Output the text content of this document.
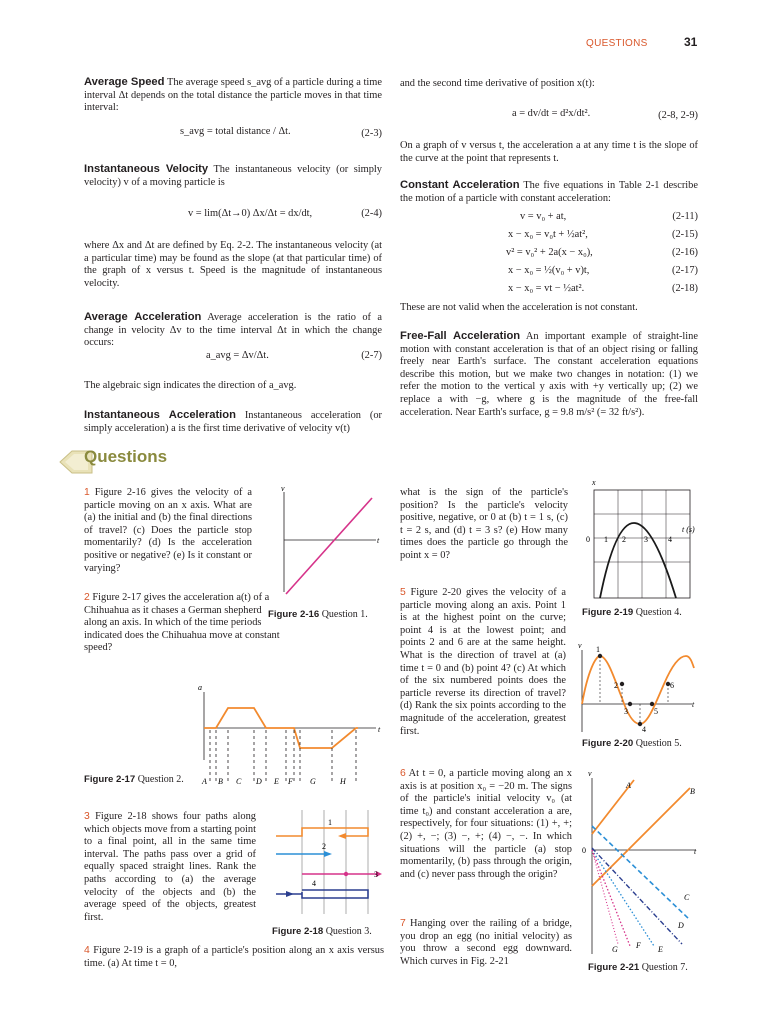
QUESTIONS	31
Average Speed The average speed s_avg of a particle during a time interval Δt depends on the total distance the particle moves in that time interval:
s_avg = total distance / Δt.	(2-3)
Instantaneous Velocity The instantaneous velocity (or simply velocity) v of a moving particle is
v = lim(Δt→0) Δx/Δt = dx/dt,	(2-4)
where Δx and Δt are defined by Eq. 2-2. The instantaneous velocity (at a particular time) may be found as the slope (at that particular time) of the graph of x versus t. Speed is the magnitude of instantaneous velocity.
Average Acceleration Average acceleration is the ratio of a change in velocity Δv to the time interval Δt in which the change occurs:
a_avg = Δv/Δt.	(2-7)
The algebraic sign indicates the direction of a_avg.
Instantaneous Acceleration Instantaneous acceleration (or simply acceleration) a is the first time derivative of velocity v(t)
and the second time derivative of position x(t):
a = dv/dt = d²x/dt².	(2-8, 2-9)
On a graph of v versus t, the acceleration a at any time t is the slope of the curve at the point that represents t.
Constant Acceleration The five equations in Table 2-1 describe the motion of a particle with constant acceleration:
v = v₀ + at,	(2-11)
x − x₀ = v₀t + ½at²,	(2-15)
v² = v₀² + 2a(x − x₀),	(2-16)
x − x₀ = ½(v₀ + v)t,	(2-17)
x − x₀ = vt − ½at².	(2-18)
These are not valid when the acceleration is not constant.
Free-Fall Acceleration An important example of straight-line motion with constant acceleration is that of an object rising or falling freely near Earth's surface. The constant acceleration equations describe this motion, but we make two changes in notation: (1) we refer the motion to the vertical y axis with +y vertically up; (2) we replace a with −g, where g is the magnitude of the free-fall acceleration. Near Earth's surface, g = 9.8 m/s² (= 32 ft/s²).
Questions
1 Figure 2-16 gives the velocity of a particle moving on an x axis. What are (a) the initial and (b) the final directions of travel? (c) Does the particle stop momentarily? (d) Is the acceleration positive or negative? (e) Is it constant or varying?
v
t
Figure 2-16 Question 1.
2 Figure 2-17 gives the acceleration a(t) of a Chihuahua as it chases a German shepherd along an axis. In which of the time periods indicated does the Chihuahua move at constant speed?
a
t
A B C D E F G	H
Figure 2-17 Question 2.
3 Figure 2-18 shows four paths along which objects move from a starting point to a final point, all in the same time interval. The paths pass over a grid of equally spaced straight lines. Rank the paths according to (a) the average velocity of the objects and (b) the average speed of the objects, greatest first.
1
2
3
4
Figure 2-18 Question 3.
4 Figure 2-19 is a graph of a particle's position along an x axis versus time. (a) At time t = 0,
what is the sign of the particle's position? Is the particle's velocity positive, negative, or 0 at (b) t = 1 s, (c) t = 2 s, and (d) t = 3 s? (e) How many times does the particle go through the point x = 0?
x
t (s)
0 1 2 3	4
Figure 2-19 Question 4.
5 Figure 2-20 gives the velocity of a particle moving along an axis. Point 1 is at the highest point on the curve; point 4 is at the lowest point; and points 2 and 6 are at the same height. What is the direction of travel at (a) time t = 0 and (b) point 4? (c) At which of the six numbered points does the particle reverse its direction of travel? (d) Rank the six points according to the magnitude of the acceleration, greatest first.
v
t
1
2
3
4
5
6
Figure 2-20 Question 5.
6 At t = 0, a particle moving along an x axis is at position x₀ = −20 m. The signs of the particle's initial velocity v₀ (at time t₀) and constant acceleration a are, respectively, for four situations: (1) +, +; (2) +, −; (3) −, +; (4) −, −. In which situations will the particle (a) stop momentarily, (b) pass through the origin, and (c) never pass through the origin?
7 Hanging over the railing of a bridge, you drop an egg (no initial velocity) as you throw a second egg downward. Which curves in Fig. 2-21
v
t
0
A
B
C
D
E
F
G
Figure 2-21 Question 7.
